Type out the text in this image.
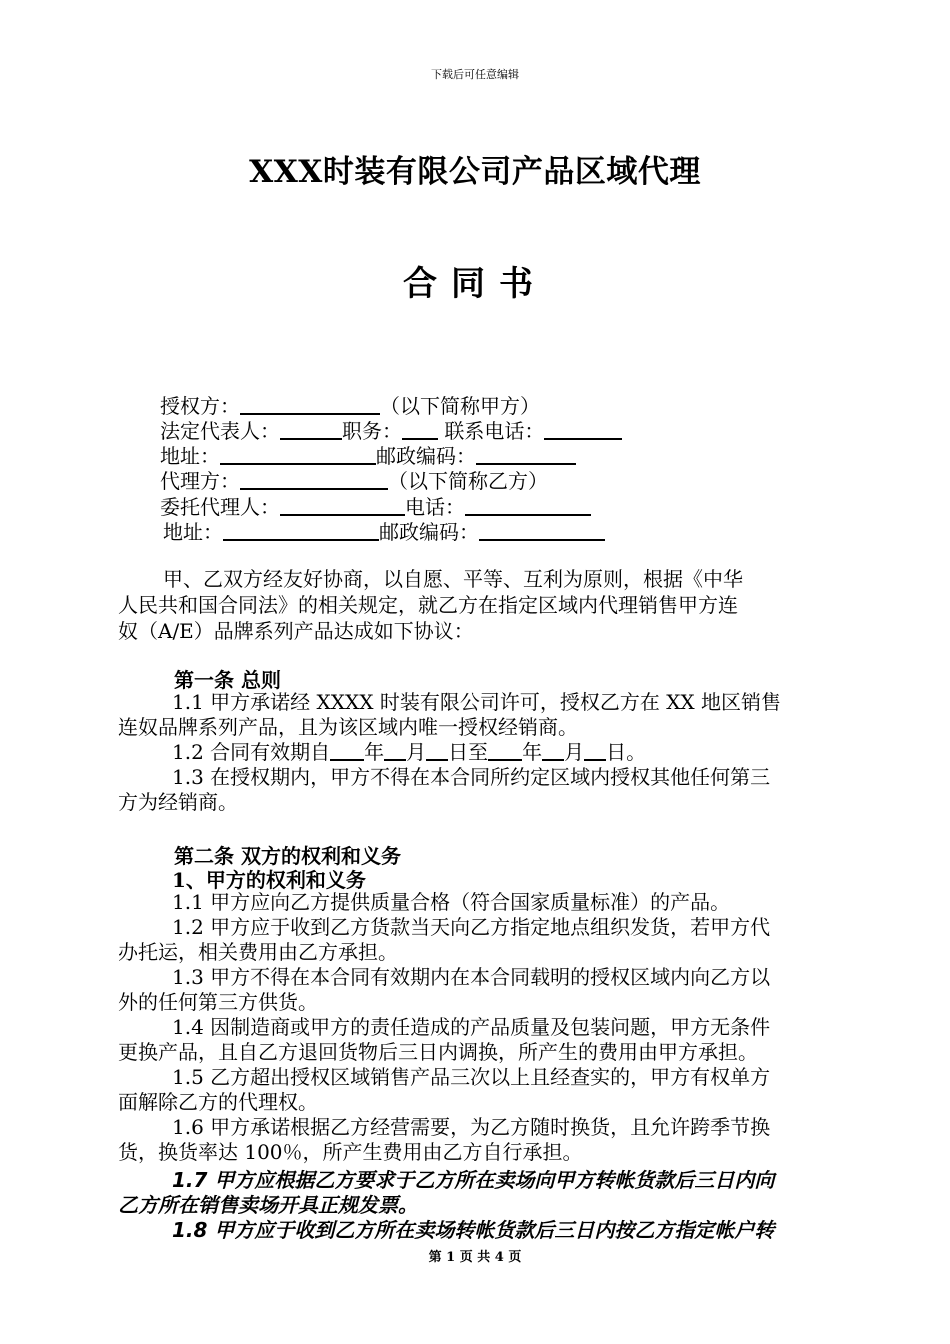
下载后可任意编辑
XXX时装有限公司产品区域代理
合同书
授权方：	（以下简称甲方）
法定代表人：	职务： 联系电话：
地址：	邮政编码：
代理方：	（以下简称乙方）
委托代理人：	电话：
地址：	邮政编码：
甲、乙双方经友好协商，以自愿、平等、互利为原则，根据《中华
人民共和国合同法》的相关规定，就乙方在指定区域内代理销售甲方连
奴（A/E）品牌系列产品达成如下协议：
第一条 总则
1.1 甲方承诺经 XXXX 时装有限公司许可，授权乙方在 XX 地区销售
连奴品牌系列产品，且为该区域内唯一授权经销商。
1.2 合同有效期自 年 月 日至 年 月 日。
1.3 在授权期内，甲方不得在本合同所约定区域内授权其他任何第三
方为经销商。
第二条 双方的权利和义务
1、甲方的权利和义务
1.1 甲方应向乙方提供质量合格（符合国家质量标准）的产品。
1.2 甲方应于收到乙方货款当天向乙方指定地点组织发货，若甲方代
办托运，相关费用由乙方承担。
1.3 甲方不得在本合同有效期内在本合同载明的授权区域内向乙方以
外的任何第三方供货。
1.4 因制造商或甲方的责任造成的产品质量及包装问题，甲方无条件
更换产品，且自乙方退回货物后三日内调换，所产生的费用由甲方承担。
1.5 乙方超出授权区域销售产品三次以上且经查实的，甲方有权单方
面解除乙方的代理权。
1.6 甲方承诺根据乙方经营需要，为乙方随时换货，且允许跨季节换
货，换货率达 100％，所产生费用由乙方自行承担。
1.7 甲方应根据乙方要求于乙方所在卖场向甲方转帐货款后三日内向
乙方所在销售卖场开具正规发票。
1.8 甲方应于收到乙方所在卖场转帐货款后三日内按乙方指定帐户转
第 1 页 共 4 页
